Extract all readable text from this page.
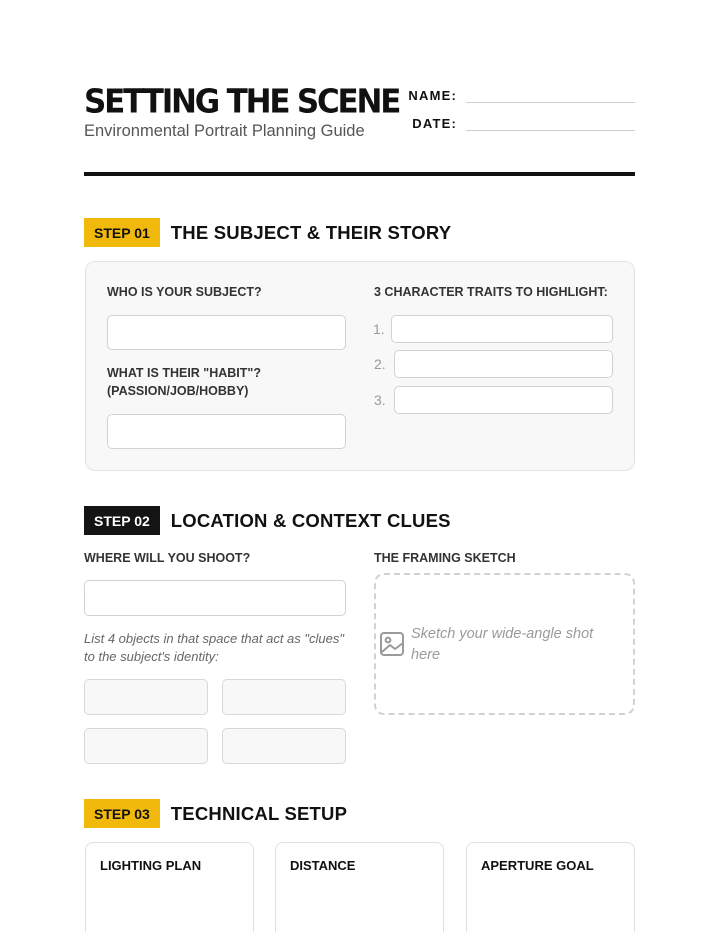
SETTING THE SCENE
Environmental Portrait Planning Guide
NAME:
DATE:
STEP 01	THE SUBJECT & THEIR STORY
WHO IS YOUR SUBJECT?
WHAT IS THEIR "HABIT"?
(PASSION/JOB/HOBBY)
3 CHARACTER TRAITS TO HIGHLIGHT:
1.
2.
3.
STEP 02	LOCATION & CONTEXT CLUES
WHERE WILL YOU SHOOT?
List 4 objects in that space that act as "clues" to the subject's identity:
THE FRAMING SKETCH
Sketch your wide-angle shot here
STEP 03	TECHNICAL SETUP
LIGHTING PLAN	DISTANCE	APERTURE GOAL
